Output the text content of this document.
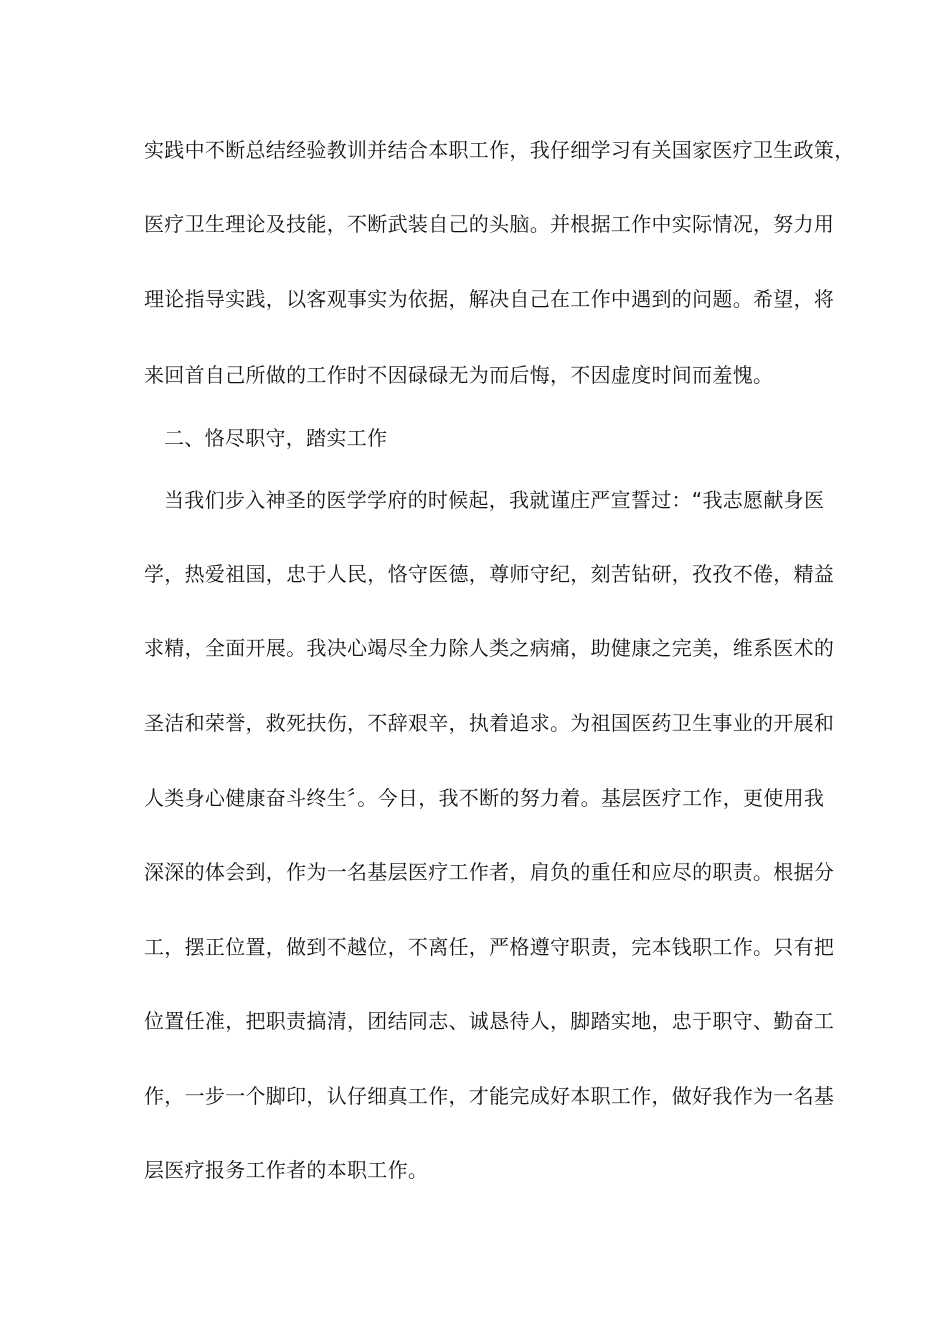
实践中不断总结经验教训并结合本职工作，我仔细学习有关国家医疗卫生政策，
医疗卫生理论及技能，不断武装自己的头脑。并根据工作中实际情况，努力用
理论指导实践，以客观事实为依据，解决自己在工作中遇到的问题。希望，将
来回首自己所做的工作时不因碌碌无为而后悔，不因虚度时间而羞愧。
二、恪尽职守，踏实工作
当我们步入神圣的医学学府的时候起，我就谨庄严宣誓过：“我志愿献身医
学，热爱祖国，忠于人民，恪守医德，尊师守纪，刻苦钻研，孜孜不倦，精益
求精，全面开展。我决心竭尽全力除人类之病痛，助健康之完美，维系医术的
圣洁和荣誉，救死扶伤，不辞艰辛，执着追求。为祖国医药卫生事业的开展和
人类身心健康奋斗终生〞。今日，我不断的努力着。基层医疗工作，更使用我
深深的体会到，作为一名基层医疗工作者，肩负的重任和应尽的职责。根据分
工，摆正位置，做到不越位，不离任，严格遵守职责，完本钱职工作。只有把
位置任准，把职责搞清，团结同志、诚恳待人，脚踏实地，忠于职守、勤奋工
作，一步一个脚印，认仔细真工作，才能完成好本职工作，做好我作为一名基
层医疗报务工作者的本职工作。
